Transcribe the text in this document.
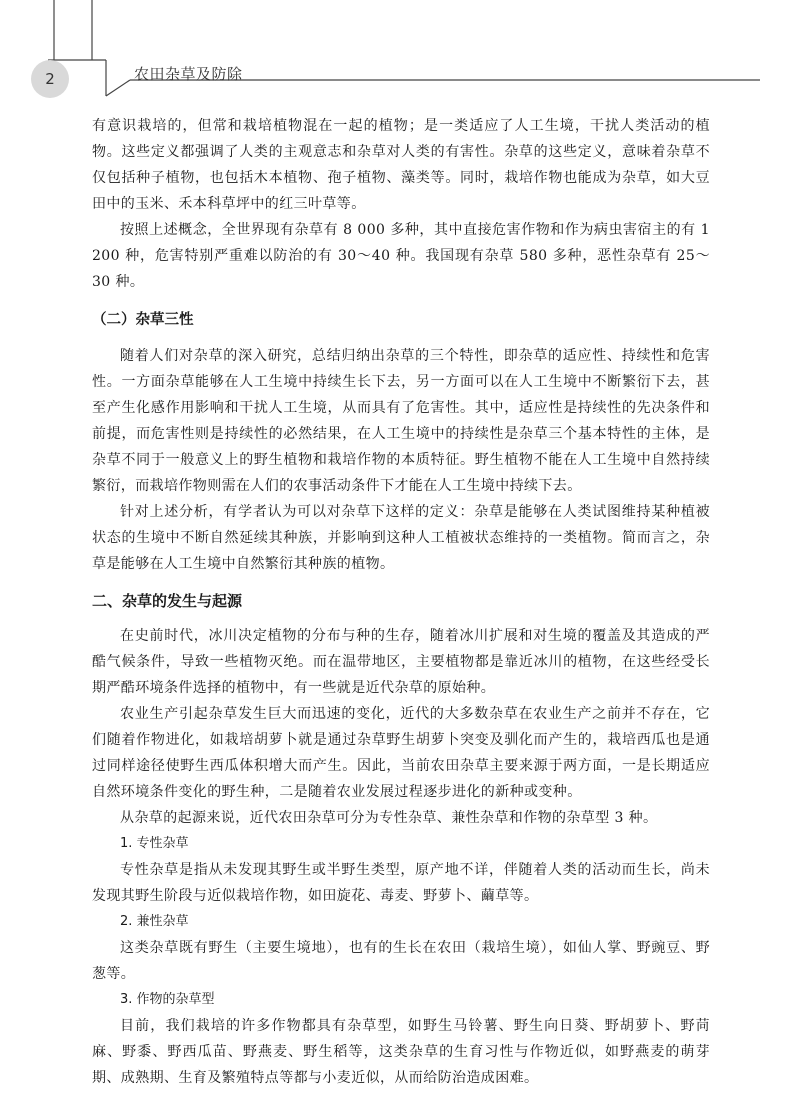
2	农田杂草及防除

有意识栽培的，但常和栽培植物混在一起的植物；是一类适应了人工生境，干扰人类活动的植物。这些定义都强调了人类的主观意志和杂草对人类的有害性。杂草的这些定义，意味着杂草不仅包括种子植物，也包括木本植物、孢子植物、藻类等。同时，栽培作物也能成为杂草，如大豆田中的玉米、禾本科草坪中的红三叶草等。

按照上述概念，全世界现有杂草有 8 000 多种，其中直接危害作物和作为病虫害宿主的有 1 200 种，危害特别严重难以防治的有 30～40 种。我国现有杂草 580 多种，恶性杂草有 25～30 种。

（二）杂草三性

随着人们对杂草的深入研究，总结归纳出杂草的三个特性，即杂草的适应性、持续性和危害性。一方面杂草能够在人工生境中持续生长下去，另一方面可以在人工生境中不断繁衍下去，甚至产生化感作用影响和干扰人工生境，从而具有了危害性。其中，适应性是持续性的先决条件和前提，而危害性则是持续性的必然结果，在人工生境中的持续性是杂草三个基本特性的主体，是杂草不同于一般意义上的野生植物和栽培作物的本质特征。野生植物不能在人工生境中自然持续繁衍，而栽培作物则需在人们的农事活动条件下才能在人工生境中持续下去。

针对上述分析，有学者认为可以对杂草下这样的定义：杂草是能够在人类试图维持某种植被状态的生境中不断自然延续其种族，并影响到这种人工植被状态维持的一类植物。简而言之，杂草是能够在人工生境中自然繁衍其种族的植物。

二、杂草的发生与起源

在史前时代，冰川决定植物的分布与种的生存，随着冰川扩展和对生境的覆盖及其造成的严酷气候条件，导致一些植物灭绝。而在温带地区，主要植物都是靠近冰川的植物，在这些经受长期严酷环境条件选择的植物中，有一些就是近代杂草的原始种。

农业生产引起杂草发生巨大而迅速的变化，近代的大多数杂草在农业生产之前并不存在，它们随着作物进化，如栽培胡萝卜就是通过杂草野生胡萝卜突变及驯化而产生的，栽培西瓜也是通过同样途径使野生西瓜体积增大而产生。因此，当前农田杂草主要来源于两方面，一是长期适应自然环境条件变化的野生种，二是随着农业发展过程逐步进化的新种或变种。

从杂草的起源来说，近代农田杂草可分为专性杂草、兼性杂草和作物的杂草型 3 种。

1. 专性杂草

专性杂草是指从未发现其野生或半野生类型，原产地不详，伴随着人类的活动而生长，尚未发现其野生阶段与近似栽培作物，如田旋花、毒麦、野萝卜、繭草等。

2. 兼性杂草

这类杂草既有野生（主要生境地），也有的生长在农田（栽培生境），如仙人掌、野豌豆、野葱等。

3. 作物的杂草型

目前，我们栽培的许多作物都具有杂草型，如野生马铃薯、野生向日葵、野胡萝卜、野苘麻、野黍、野西瓜苗、野燕麦、野生稻等，这类杂草的生育习性与作物近似，如野燕麦的萌芽期、成熟期、生育及繁殖特点等都与小麦近似，从而给防治造成困难。
